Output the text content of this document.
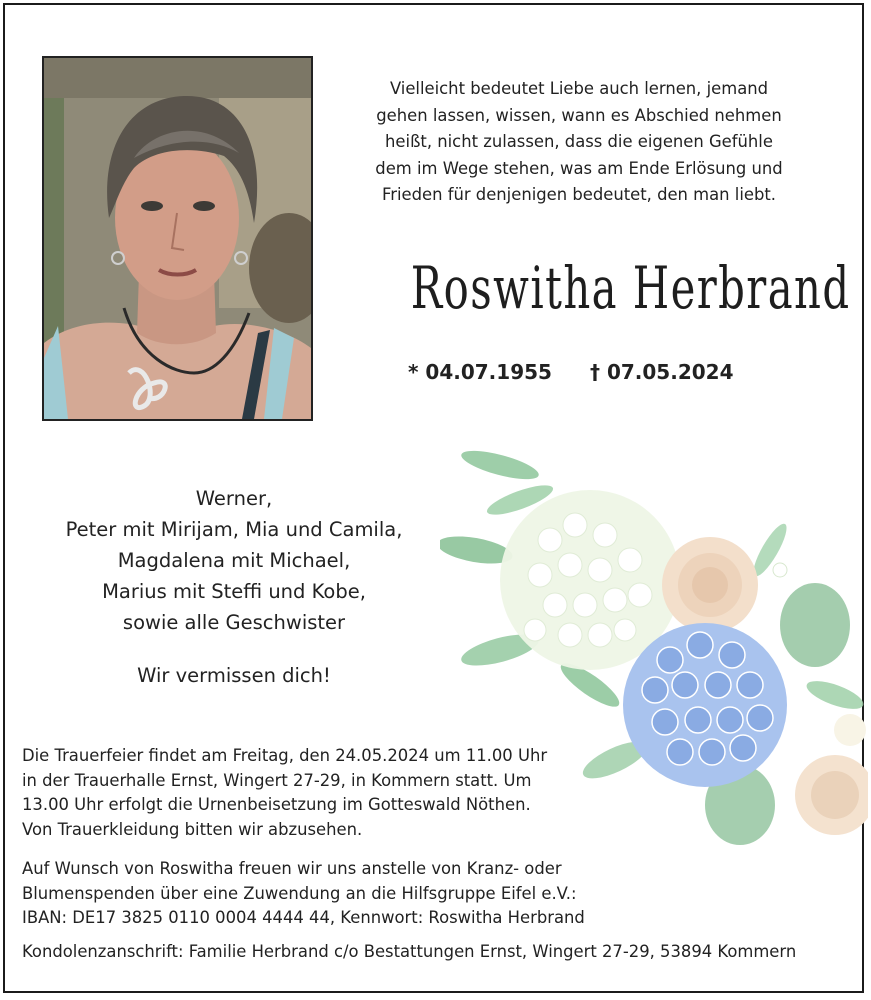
Vielleicht bedeutet Liebe auch lernen, jemand
gehen lassen, wissen, wann es Abschied nehmen
heißt, nicht zulassen, dass die eigenen Gefühle
dem im Wege stehen, was am Ende Erlösung und
Frieden für denjenigen bedeutet, den man liebt.
Roswitha Herbrand
* 04.07.1955 † 07.05.2024
Werner,
Peter mit Mirijam, Mia und Camila,
Magdalena mit Michael,
Marius mit Steffi und Kobe,
sowie alle Geschwister
Wir vermissen dich!
Die Trauerfeier findet am Freitag, den 24.05.2024 um 11.00 Uhr
in der Trauerhalle Ernst, Wingert 27-29, in Kommern statt. Um
13.00 Uhr erfolgt die Urnenbeisetzung im Gotteswald Nöthen.
Von Trauerkleidung bitten wir abzusehen.
Auf Wunsch von Roswitha freuen wir uns anstelle von Kranz- oder
Blumenspenden über eine Zuwendung an die Hilfsgruppe Eifel e.V.:
IBAN: DE17 3825 0110 0004 4444 44, Kennwort: Roswitha Herbrand
Kondolenzanschrift: Familie Herbrand c/o Bestattungen Ernst, Wingert 27-29, 53894 Kommern
